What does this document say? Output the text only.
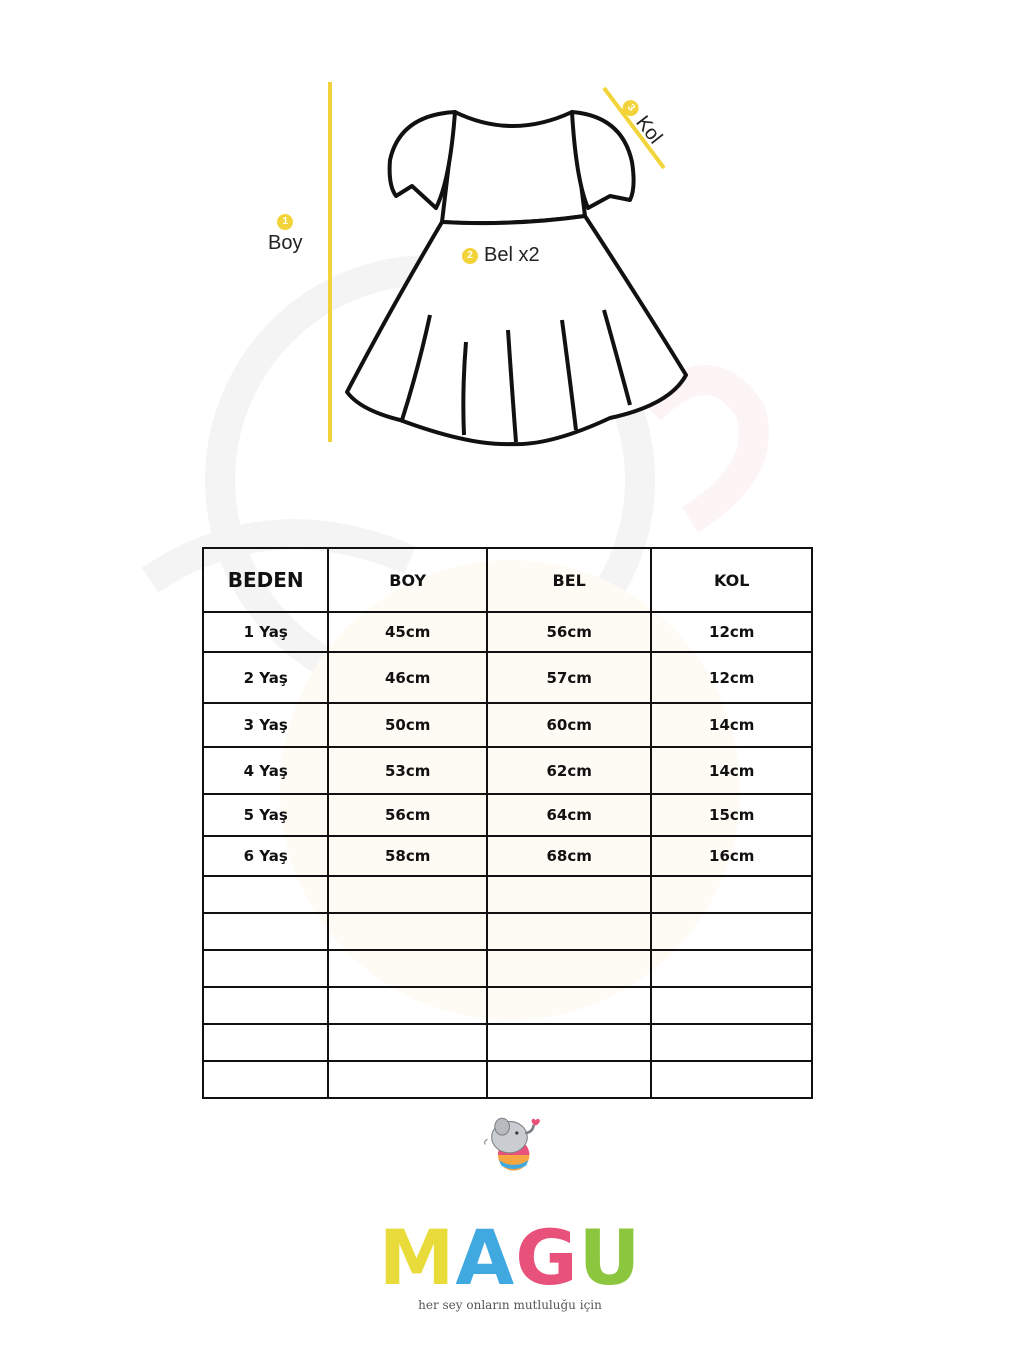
1
Boy
2 Bel x2
3
Kol
BEDEN	BOY	BEL	KOL
1 Yaş	45cm	56cm	12cm
2 Yaş	46cm	57cm	12cm
3 Yaş	50cm	60cm	14cm
4 Yaş	53cm	62cm	14cm
5 Yaş	56cm	64cm	15cm
6 Yaş	58cm	68cm	16cm

M A G U
her sey onların mutluluğu için
